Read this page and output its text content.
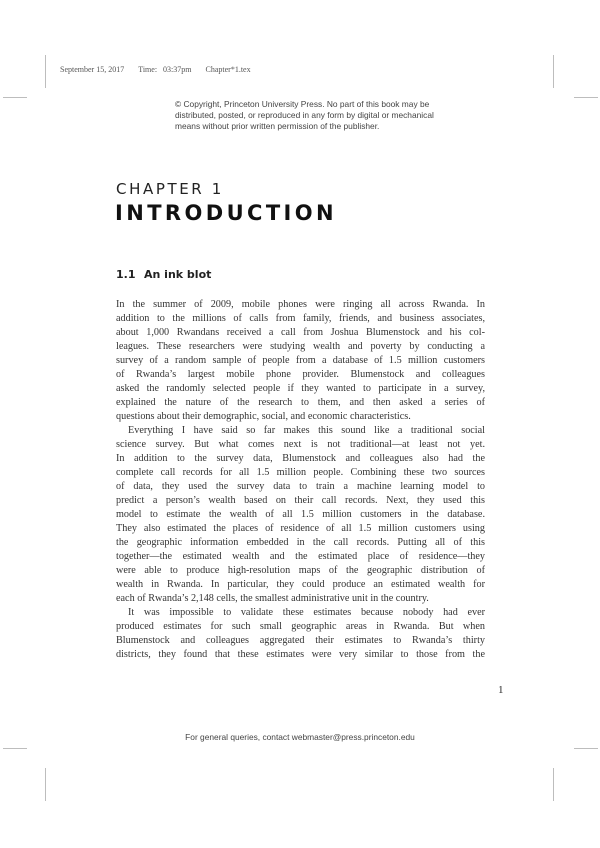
September 15, 2017 Time: 03:37pm Chapter*1.tex
© Copyright, Princeton University Press. No part of this book may be
distributed, posted, or reproduced in any form by digital or mechanical
means without prior written permission of the publisher.
CHAPTER 1
INTRODUCTION
1.1 An ink blot
In the summer of 2009, mobile phones were ringing all across Rwanda. In
addition to the millions of calls from family, friends, and business associates,
about 1,000 Rwandans received a call from Joshua Blumenstock and his col-
leagues. These researchers were studying wealth and poverty by conducting a
survey of a random sample of people from a database of 1.5 million customers
of Rwanda’s largest mobile phone provider. Blumenstock and colleagues
asked the randomly selected people if they wanted to participate in a survey,
explained the nature of the research to them, and then asked a series of
questions about their demographic, social, and economic characteristics.
Everything I have said so far makes this sound like a traditional social
science survey. But what comes next is not traditional—at least not yet.
In addition to the survey data, Blumenstock and colleagues also had the
complete call records for all 1.5 million people. Combining these two sources
of data, they used the survey data to train a machine learning model to
predict a person’s wealth based on their call records. Next, they used this
model to estimate the wealth of all 1.5 million customers in the database.
They also estimated the places of residence of all 1.5 million customers using
the geographic information embedded in the call records. Putting all of this
together—the estimated wealth and the estimated place of residence—they
were able to produce high-resolution maps of the geographic distribution of
wealth in Rwanda. In particular, they could produce an estimated wealth for
each of Rwanda’s 2,148 cells, the smallest administrative unit in the country.
It was impossible to validate these estimates because nobody had ever
produced estimates for such small geographic areas in Rwanda. But when
Blumenstock and colleagues aggregated their estimates to Rwanda’s thirty
districts, they found that these estimates were very similar to those from the
1
For general queries, contact webmaster@press.princeton.edu
